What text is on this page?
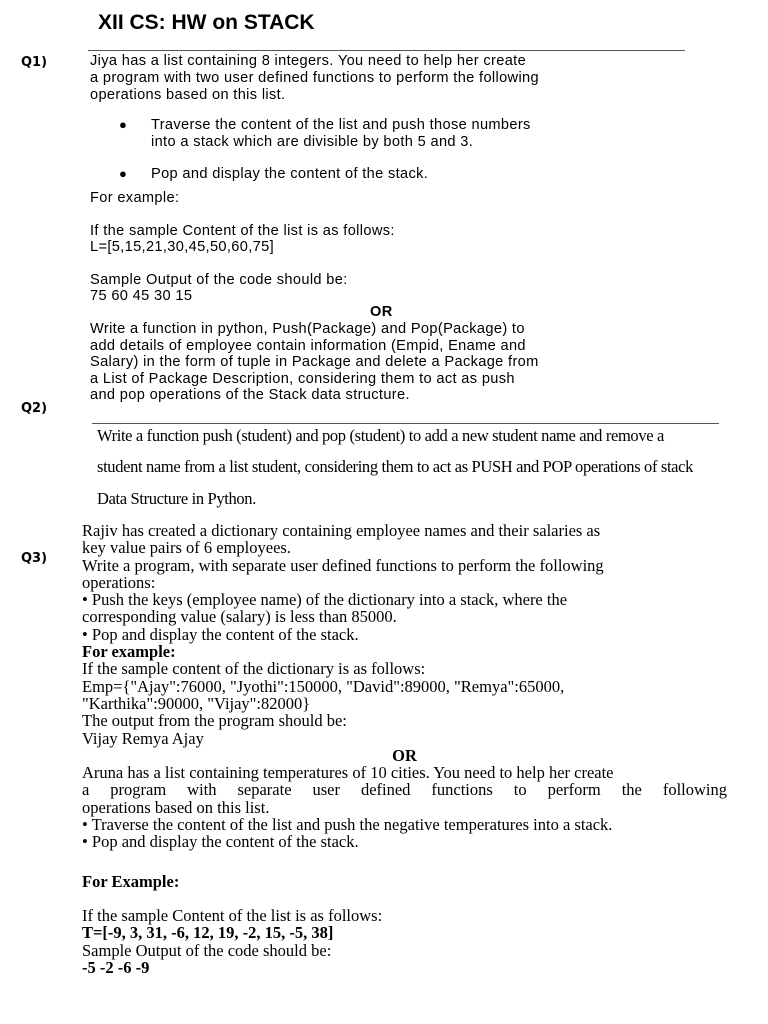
XII CS: HW on STACK
Q1)
Q2)
Q3)
Jiya has a list containing 8 integers. You need to help her create
a program with two user defined functions to perform the following
operations based on this list.
● Traverse the content of the list and push those numbers
into a stack which are divisible by both 5 and 3.
● Pop and display the content of the stack.
For example:
If the sample Content of the list is as follows:
L=[5,15,21,30,45,50,60,75]
Sample Output of the code should be:
75 60 45 30 15
OR
Write a function in python, Push(Package) and Pop(Package) to
add details of employee contain information (Empid, Ename and
Salary) in the form of tuple in Package and delete a Package from
a List of Package Description, considering them to act as push
and pop operations of the Stack data structure.
Write a function push (student) and pop (student) to add a new student name and remove a
student name from a list student, considering them to act as PUSH and POP operations of stack
Data Structure in Python.
Rajiv has created a dictionary containing employee names and their salaries as
key value pairs of 6 employees.
Write a program, with separate user defined functions to perform the following
operations:
• Push the keys (employee name) of the dictionary into a stack, where the
corresponding value (salary) is less than 85000.
• Pop and display the content of the stack.
For example:
If the sample content of the dictionary is as follows:
Emp={"Ajay":76000, "Jyothi":150000, "David":89000, "Remya":65000,
"Karthika":90000, "Vijay":82000}
The output from the program should be:
Vijay Remya Ajay
OR
Aruna has a list containing temperatures of 10 cities. You need to help her create
a program with separate user defined functions to perform the following
operations based on this list.
• Traverse the content of the list and push the negative temperatures into a stack.
• Pop and display the content of the stack.
For Example:
If the sample Content of the list is as follows:
T=[-9, 3, 31, -6, 12, 19, -2, 15, -5, 38]
Sample Output of the code should be:
-5 -2 -6 -9
